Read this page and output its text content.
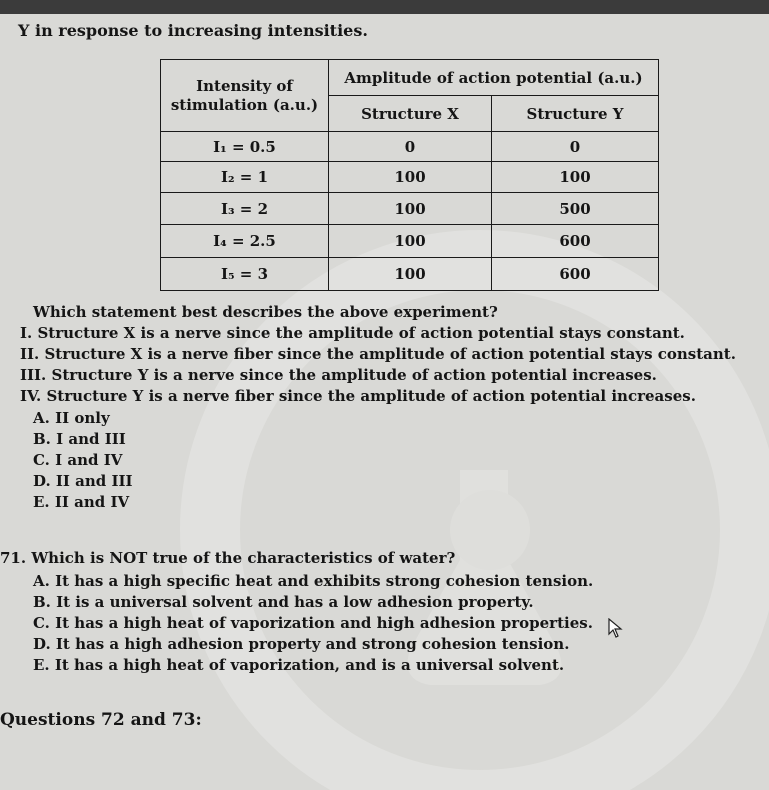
Y in response to increasing intensities.
Intensity of stimulation (a.u.)	Amplitude of action potential (a.u.)	
	Structure X	Structure Y
I₁ = 0.5	0	0
I₂ = 1	100	100
I₃ = 2	100	500
I₄ = 2.5	100	600
I₅ = 3	100	600
Which statement best describes the above experiment?
I. Structure X is a nerve since the amplitude of action potential stays constant.
II. Structure X is a nerve fiber since the amplitude of action potential stays constant.
III. Structure Y is a nerve since the amplitude of action potential increases.
IV. Structure Y is a nerve fiber since the amplitude of action potential increases.
A. II only
B. I and III
C. I and IV
D. II and III
E. II and IV
71. Which is NOT true of the characteristics of water?
A. It has a high specific heat and exhibits strong cohesion tension.
B. It is a universal solvent and has a low adhesion property.
C. It has a high heat of vaporization and high adhesion properties.
D. It has a high adhesion property and strong cohesion tension.
E. It has a high heat of vaporization, and is a universal solvent.
Questions 72 and 73:
